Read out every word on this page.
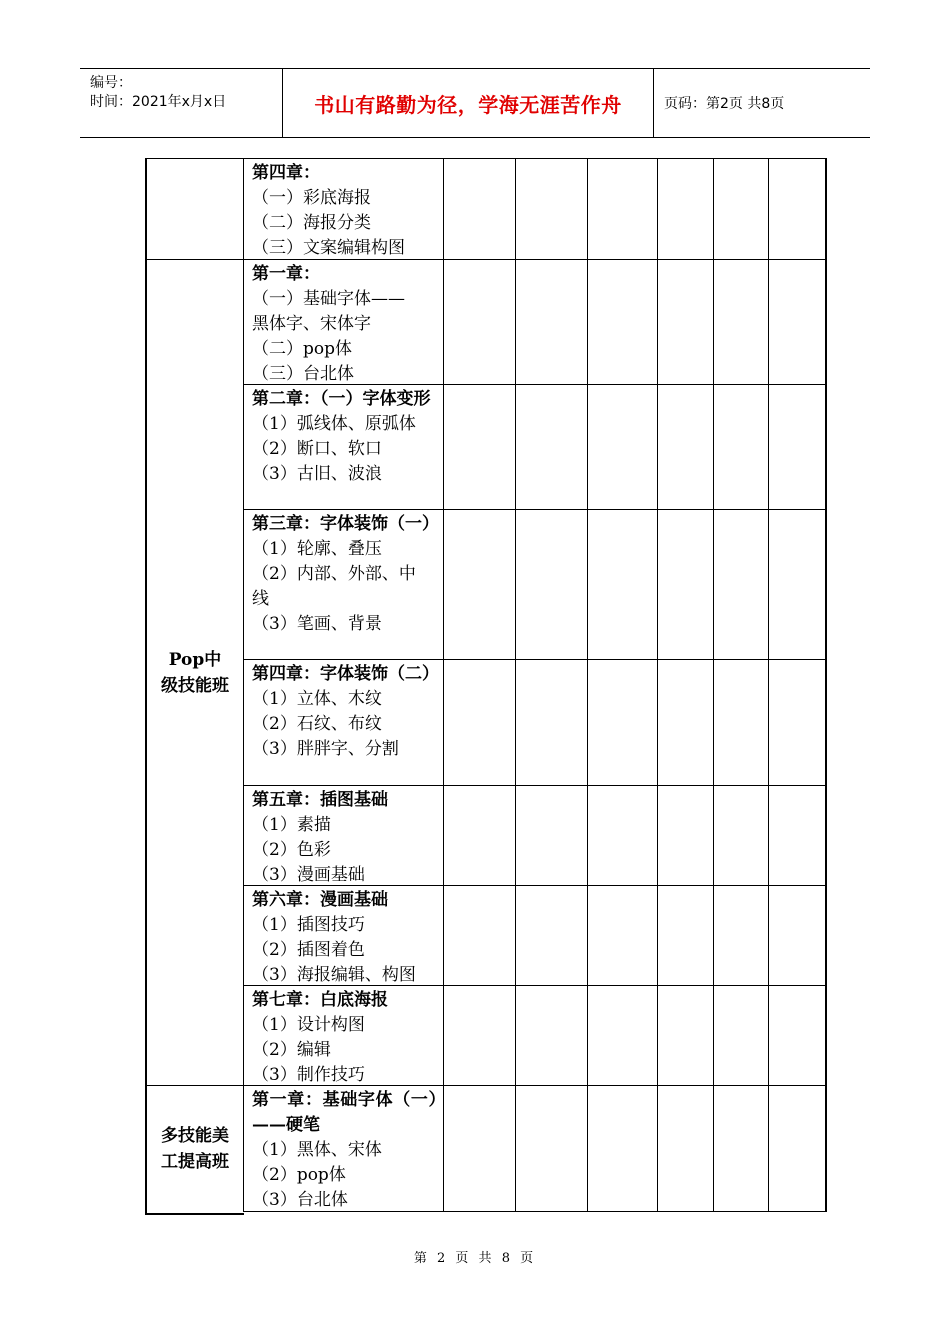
编号：
时间：2021年x月x日	书山有路勤为径，学海无涯苦作舟	页码：第2页 共8页
Pop中
级技能班
多技能美
工提高班
第四章：
（一）彩底海报
（二）海报分类
（三）文案编辑构图
第一章：
（一）基础字体——
黑体字、宋体字
（二）pop体
（三）台北体
第二章：（一）字体变形
（1）弧线体、原弧体
（2）断口、软口
（3）古旧、波浪
第三章：字体装饰（一）
（1）轮廓、叠压
（2）内部、外部、中
线
（3）笔画、背景
第四章：字体装饰（二）
（1）立体、木纹
（2）石纹、布纹
（3）胖胖字、分割
第五章：插图基础
（1）素描
（2）色彩
（3）漫画基础
第六章：漫画基础
（1）插图技巧
（2）插图着色
（3）海报编辑、构图
第七章：白底海报
（1）设计构图
（2）编辑
（3）制作技巧
第一章：基础字体（一）——硬笔
（1）黑体、宋体
（2）pop体
（3）台北体
第 2 页 共 8 页
